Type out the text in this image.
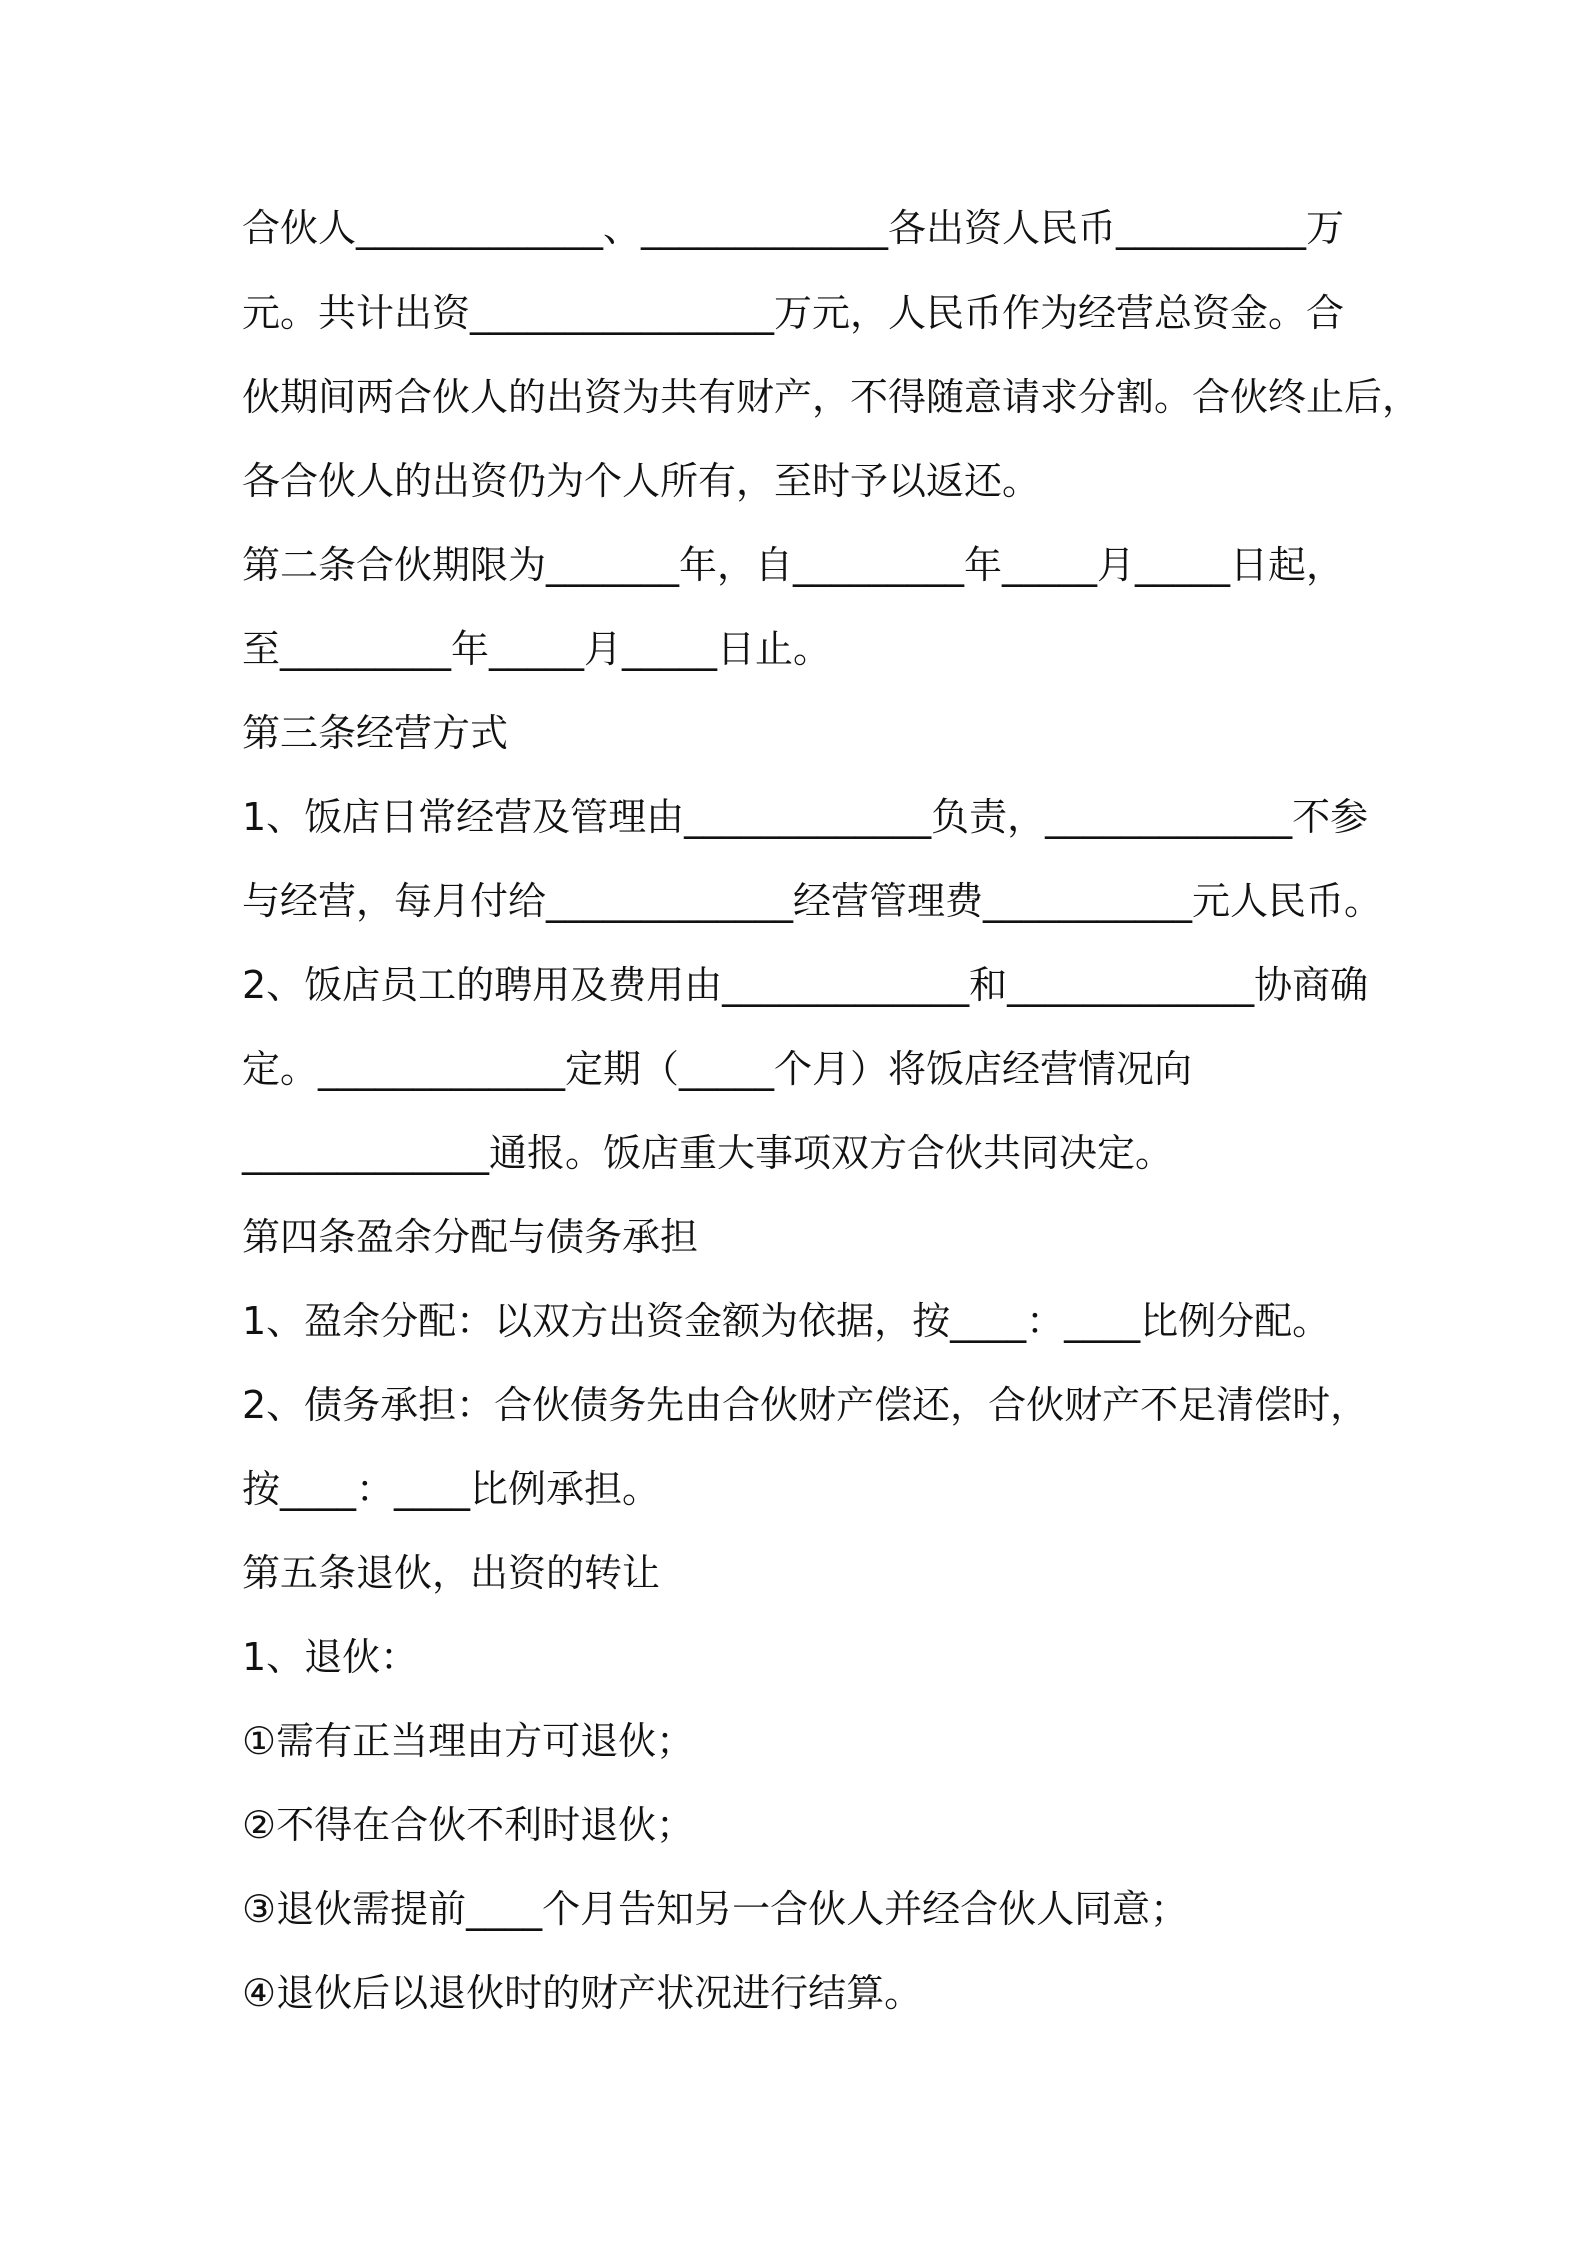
合伙人_____________、_____________各出资人民币__________万
元。共计出资________________万元，人民币作为经营总资金。合
伙期间两合伙人的出资为共有财产，不得随意请求分割。合伙终止后，
各合伙人的出资仍为个人所有，至时予以返还。
第二条合伙期限为_______年，自_________年_____月_____日起，
至_________年_____月_____日止。
第三条经营方式
1、饭店日常经营及管理由_____________负责，_____________不参
与经营，每月付给_____________经营管理费___________元人民币。
2、饭店员工的聘用及费用由_____________和_____________协商确
定。_____________定期（_____个月）将饭店经营情况向
_____________通报。饭店重大事项双方合伙共同决定。
第四条盈余分配与债务承担
1、盈余分配：以双方出资金额为依据，按____：____比例分配。
2、债务承担：合伙债务先由合伙财产偿还，合伙财产不足清偿时，
按____：____比例承担。
第五条退伙，出资的转让
1、退伙：
①需有正当理由方可退伙；
②不得在合伙不利时退伙；
③退伙需提前____个月告知另一合伙人并经合伙人同意；
④退伙后以退伙时的财产状况进行结算。
